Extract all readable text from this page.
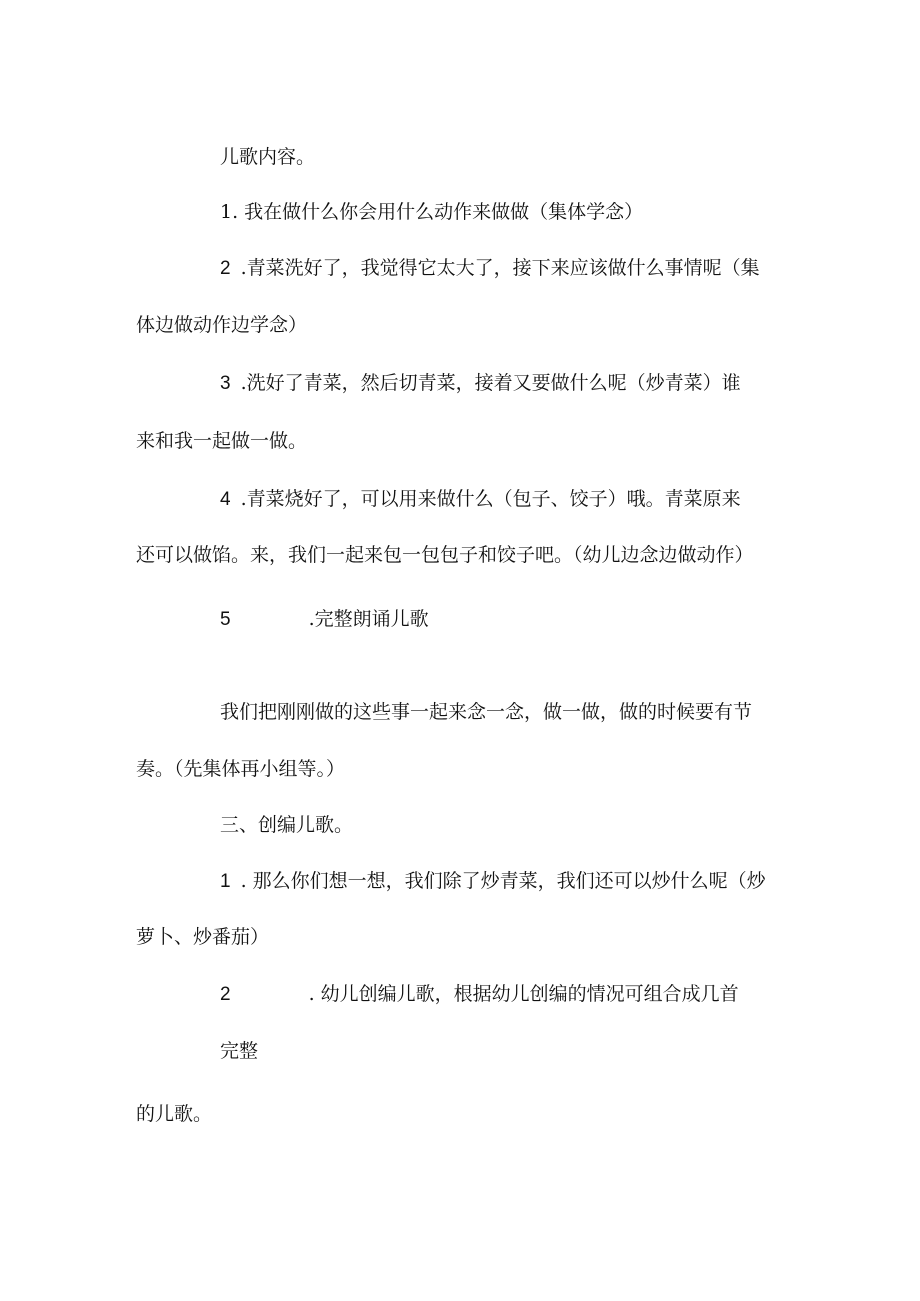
儿歌内容。
1. 我在做什么你会用什么动作来做做（集体学念）
2 .青菜洗好了，我觉得它太大了，接下来应该做什么事情呢（集
体边做动作边学念）
3 .洗好了青菜，然后切青菜，接着又要做什么呢（炒青菜）谁
来和我一起做一做。
4 .青菜烧好了，可以用来做什么（包子、饺子）哦。青菜原来
还可以做馅。来，我们一起来包一包包子和饺子吧。（幼儿边念边做动作）
5	.完整朗诵儿歌
我们把刚刚做的这些事一起来念一念，做一做，做的时候要有节
奏。（先集体再小组等。）
三、创编儿歌。
1 . 那么你们想一想，我们除了炒青菜，我们还可以炒什么呢（炒
萝卜、炒番茄）
2	. 幼儿创编儿歌，根据幼儿创编的情况可组合成几首
完整
的儿歌。
